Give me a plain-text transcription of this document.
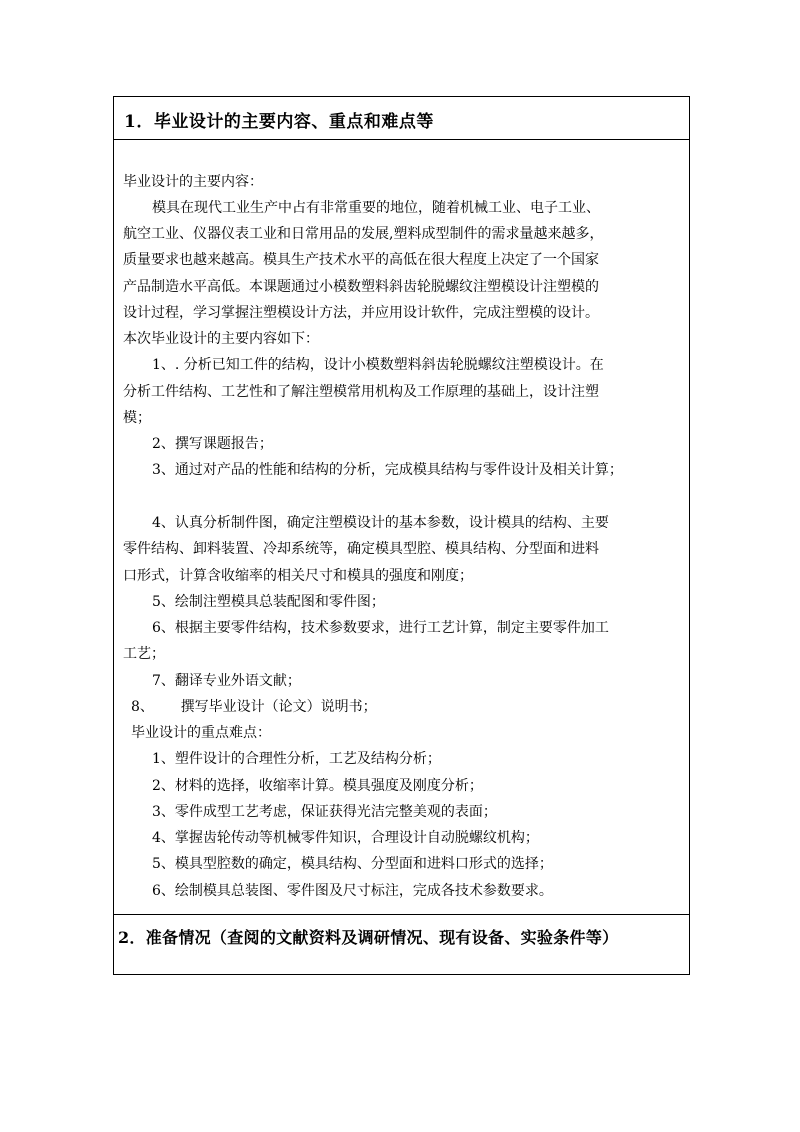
1．毕业设计的主要内容、重点和难点等
毕业设计的主要内容：
模具在现代工业生产中占有非常重要的地位，随着机械工业、电子工业、
航空工业、仪器仪表工业和日常用品的发展,塑料成型制件的需求量越来越多，
质量要求也越来越高。模具生产技术水平的高低在很大程度上决定了一个国家
产品制造水平高低。本课题通过小模数塑料斜齿轮脱螺纹注塑模设计注塑模的
设计过程，学习掌握注塑模设计方法，并应用设计软件，完成注塑模的设计。
本次毕业设计的主要内容如下：
1、. 分析已知工件的结构，设计小模数塑料斜齿轮脱螺纹注塑模设计。在
分析工件结构、工艺性和了解注塑模常用机构及工作原理的基础上，设计注塑
模；
2、撰写课题报告；
3、通过对产品的性能和结构的分析，完成模具结构与零件设计及相关计算；
4、认真分析制件图，确定注塑模设计的基本参数，设计模具的结构、主要
零件结构、卸料装置、冷却系统等，确定模具型腔、模具结构、分型面和进料
口形式，计算含收缩率的相关尺寸和模具的强度和刚度；
5、绘制注塑模具总装配图和零件图；
6、根据主要零件结构，技术参数要求，进行工艺计算，制定主要零件加工
工艺；
7、翻译专业外语文献；
8、      撰写毕业设计（论文）说明书；
毕业设计的重点难点：
1、塑件设计的合理性分析，工艺及结构分析；
2、材料的选择，收缩率计算。模具强度及刚度分析；
3、零件成型工艺考虑，保证获得光洁完整美观的表面；
4、掌握齿轮传动等机械零件知识，合理设计自动脱螺纹机构；
5、模具型腔数的确定，模具结构、分型面和进料口形式的选择；
6、绘制模具总装图、零件图及尺寸标注，完成各技术参数要求。
2．准备情况（查阅的文献资料及调研情况、现有设备、实验条件等）
